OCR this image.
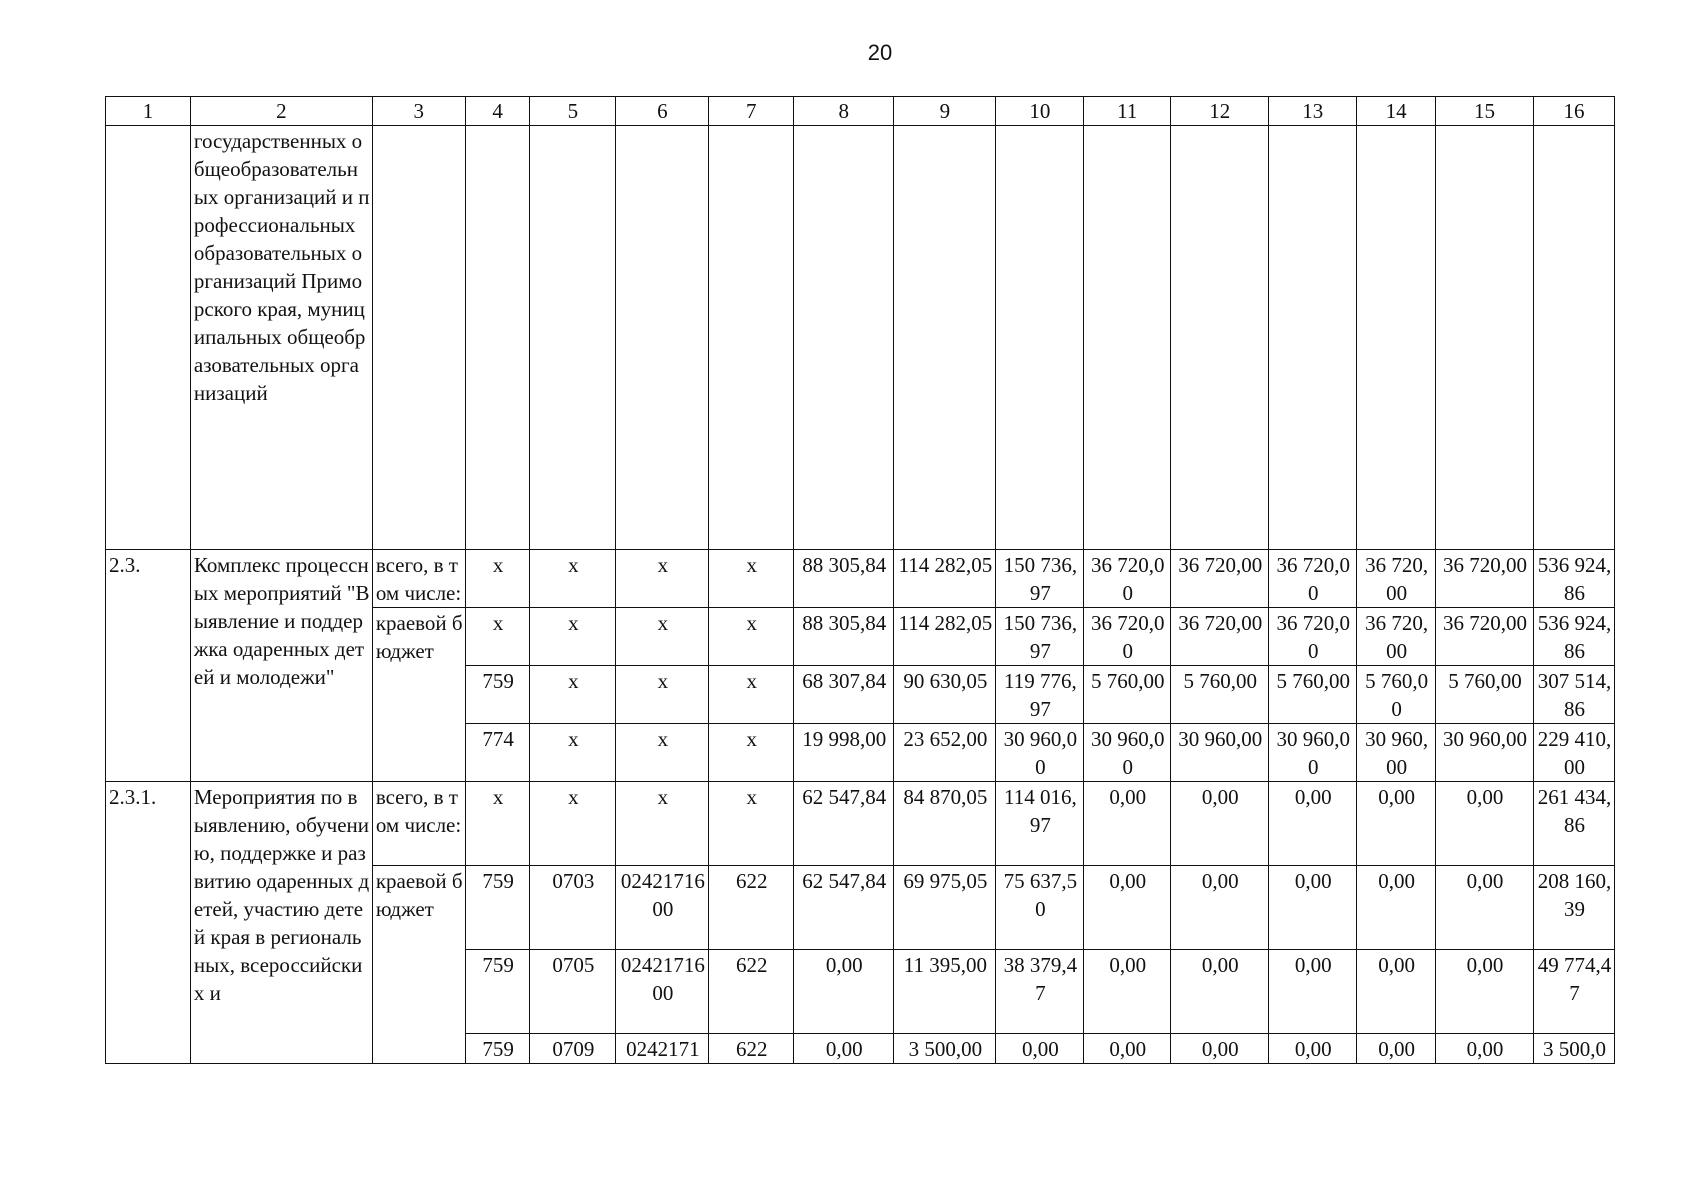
20
1	2	3	4	5	6	7	8	9	10	11	12	13	14	15	16
	государственных общеобразовательных организаций и профессиональных образовательных организаций Приморского края, муниципальных общеобразовательных организаций														
2.3.	Комплекс процессных мероприятий "Выявление и поддержка одаренных детей и молодежи"	всего, в том числе:	х	х	х	х	88 305,84	114 282,05	150 736,97	36 720,00	36 720,00	36 720,00	36 720,00	36 720,00	536 924,86
		краевой бюджет	х	х	х	х	88 305,84	114 282,05	150 736,97	36 720,00	36 720,00	36 720,00	36 720,00	36 720,00	536 924,86
			759	х	х	х	68 307,84	90 630,05	119 776,97	5 760,00	5 760,00	5 760,00	5 760,00	5 760,00	307 514,86
			774	х	х	х	19 998,00	23 652,00	30 960,00	30 960,00	30 960,00	30 960,00	30 960,00	30 960,00	229 410,00
2.3.1.	Мероприятия по выявлению, обучению, поддержке и развитию одаренных детей, участию детей края в региональных, всероссийских и	всего, в том числе:	х	х	х	х	62 547,84	84 870,05	114 016,97	0,00	0,00	0,00	0,00	0,00	261 434,86
		краевой бюджет	759	0703	0242171600	622	62 547,84	69 975,05	75 637,50	0,00	0,00	0,00	0,00	0,00	208 160,39
			759	0705	0242171600	622	0,00	11 395,00	38 379,47	0,00	0,00	0,00	0,00	0,00	49 774,47
			759	0709	0242171	622	0,00	3 500,00	0,00	0,00	0,00	0,00	0,00	0,00	3 500,0
